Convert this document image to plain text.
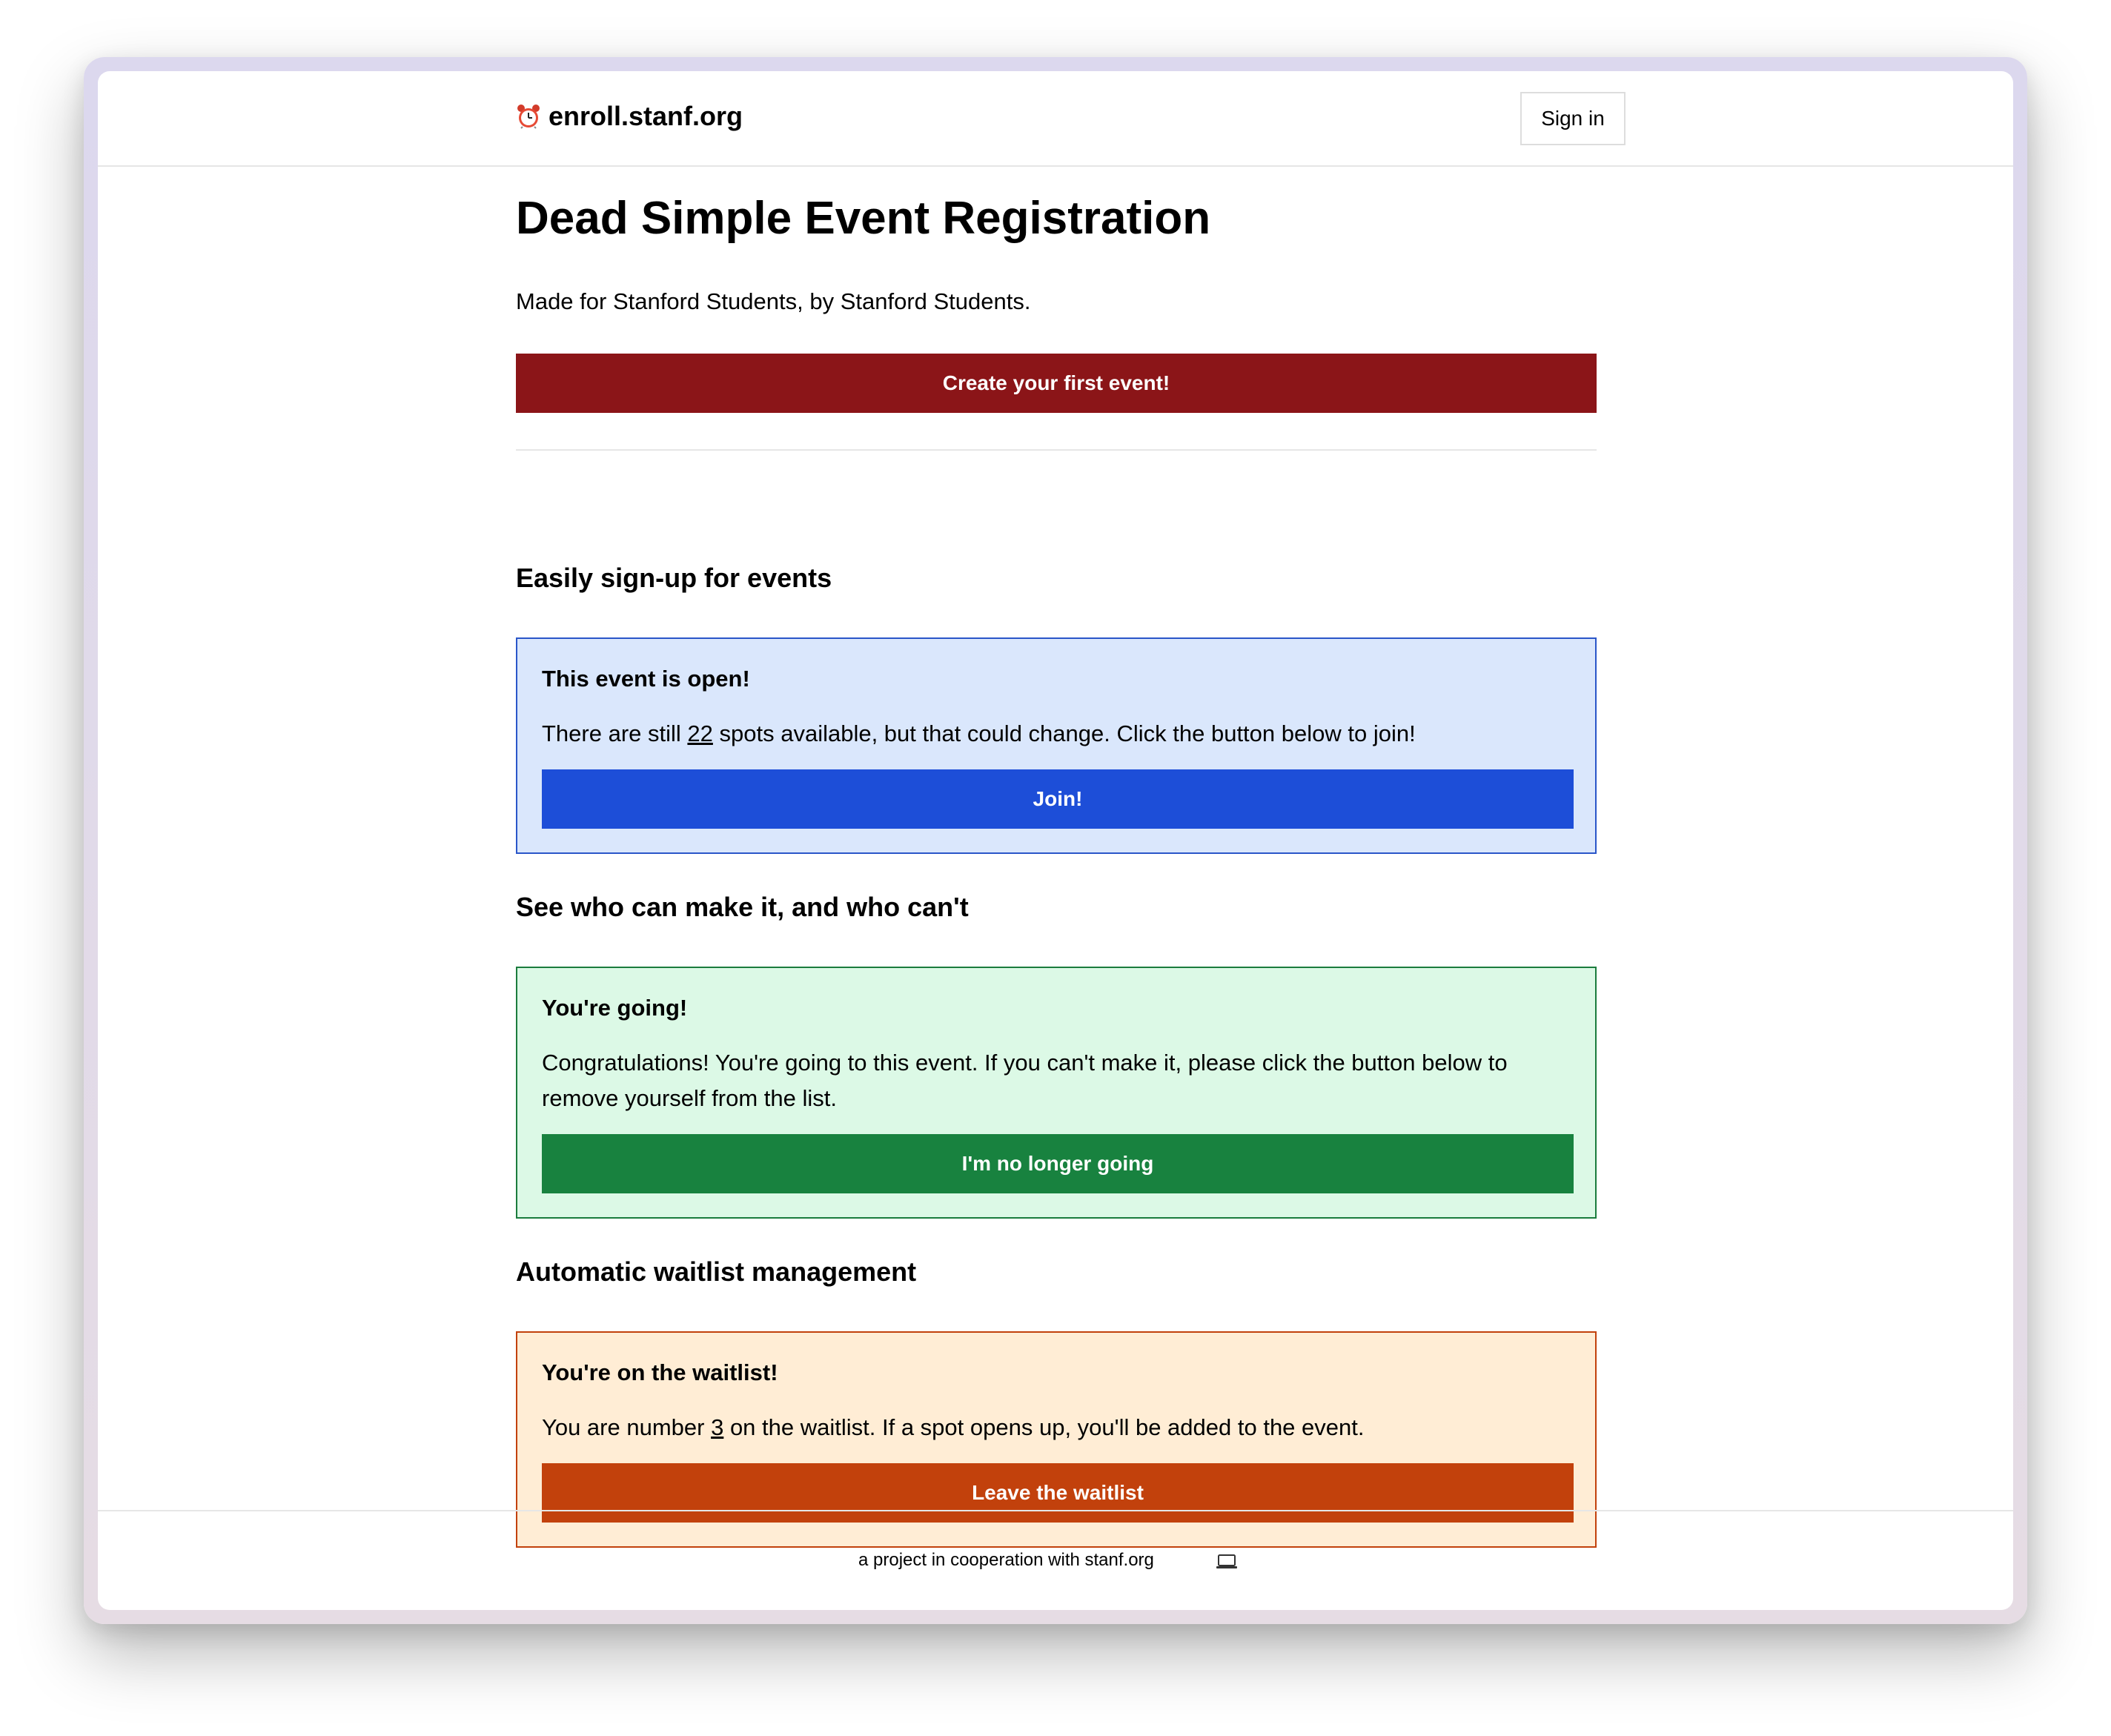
enroll.stanf.org	Sign in
Dead Simple Event Registration

Made for Stanford Students, by Stanford Students.

Create your first event!
Easily sign-up for events
This event is open!

There are still 22 spots available, but that could change. Click the button below to join!

Join!
See who can make it, and who can't
You're going!

Congratulations! You're going to this event. If you can't make it, please click the button below to remove yourself from the list.

I'm no longer going
Automatic waitlist management
You're on the waitlist!

You are number 3 on the waitlist. If a spot opens up, you'll be added to the event.

Leave the waitlist
a project in cooperation with stanf.org
